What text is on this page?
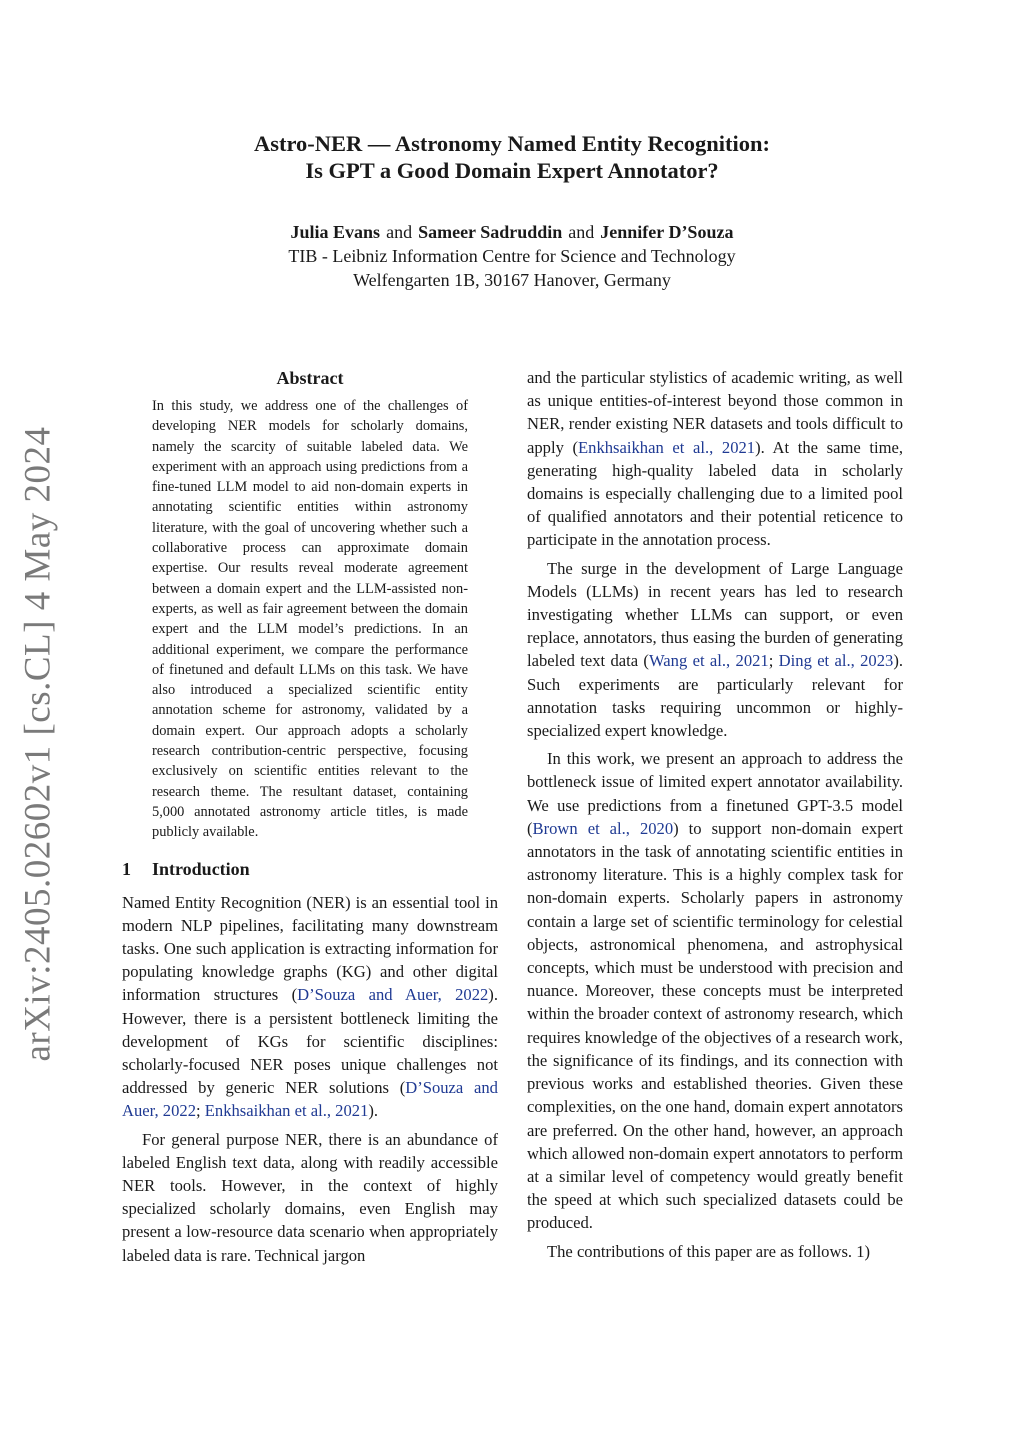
arXiv:2405.02602v1 [cs.CL] 4 May 2024

Astro-NER — Astronomy Named Entity Recognition:

Is GPT a Good Domain Expert Annotator?

Julia Evans and Sameer Sadruddin and Jennifer D’Souza
TIB - Leibniz Information Centre for Science and Technology
Welfengarten 1B, 30167 Hanover, Germany

Abstract

In this study, we address one of the challenges of developing NER models for scholarly domains, namely the scarcity of suitable labeled data. We experiment with an approach using predictions from a fine-tuned LLM model to aid non-domain experts in annotating scientific entities within astronomy literature, with the goal of uncovering whether such a collaborative process can approximate domain expertise. Our results reveal moderate agreement between a domain expert and the LLM-assisted non-experts, as well as fair agreement between the domain expert and the LLM model’s predictions. In an additional experiment, we compare the performance of finetuned and default LLMs on this task. We have also introduced a specialized scientific entity annotation scheme for astronomy, validated by a domain expert. Our approach adopts a scholarly research contribution-centric perspective, focusing exclusively on scientific entities relevant to the research theme. The resultant dataset, containing 5,000 annotated astronomy article titles, is made publicly available.

1 Introduction

Named Entity Recognition (NER) is an essential tool in modern NLP pipelines, facilitating many downstream tasks. One such application is extracting information for populating knowledge graphs (KG) and other digital information structures (D’Souza and Auer, 2022). However, there is a persistent bottleneck limiting the development of KGs for scientific disciplines: scholarly-focused NER poses unique challenges not addressed by generic NER solutions (D’Souza and Auer, 2022; Enkhsaikhan et al., 2021).

For general purpose NER, there is an abundance of labeled English text data, along with readily accessible NER tools. However, in the context of highly specialized scholarly domains, even English may present a low-resource data scenario when appropriately labeled data is rare. Technical jargon

and the particular stylistics of academic writing, as well as unique entities-of-interest beyond those common in NER, render existing NER datasets and tools difficult to apply (Enkhsaikhan et al., 2021). At the same time, generating high-quality labeled data in scholarly domains is especially challenging due to a limited pool of qualified annotators and their potential reticence to participate in the annotation process.

The surge in the development of Large Language Models (LLMs) in recent years has led to research investigating whether LLMs can support, or even replace, annotators, thus easing the burden of generating labeled text data (Wang et al., 2021; Ding et al., 2023). Such experiments are particularly relevant for annotation tasks requiring uncommon or highly-specialized expert knowledge.

In this work, we present an approach to address the bottleneck issue of limited expert annotator availability. We use predictions from a finetuned GPT-3.5 model (Brown et al., 2020) to support non-domain expert annotators in the task of annotating scientific entities in astronomy literature. This is a highly complex task for non-domain experts. Scholarly papers in astronomy contain a large set of scientific terminology for celestial objects, astronomical phenomena, and astrophysical concepts, which must be understood with precision and nuance. Moreover, these concepts must be interpreted within the broader context of astronomy research, which requires knowledge of the objectives of a research work, the significance of its findings, and its connection with previous works and established theories. Given these complexities, on the one hand, domain expert annotators are preferred. On the other hand, however, an approach which allowed non-domain expert annotators to perform at a similar level of competency would greatly benefit the speed at which such specialized datasets could be produced.

The contributions of this paper are as follows. 1)
